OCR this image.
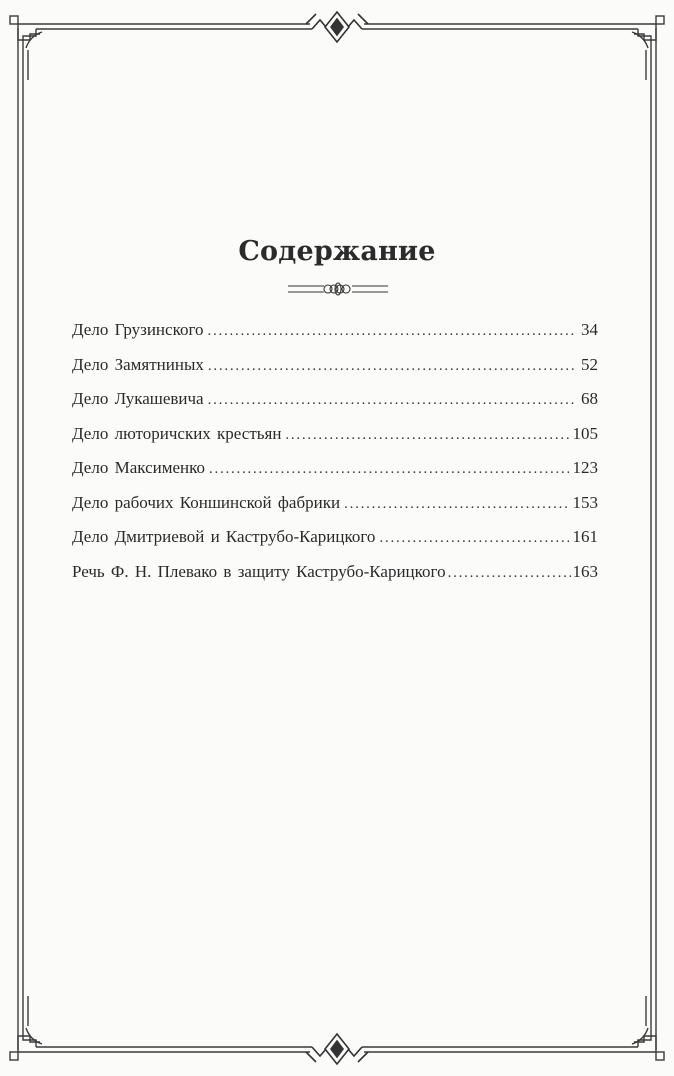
Содержание
Дело Грузинского . . .	34
Дело Замятниных . . .	52
Дело Лукашевича . . .	68
Дело люторичских крестьян . . .	105
Дело Максименко . . .	123
Дело рабочих Коншинской фабрики . . .	153
Дело Дмитриевой и Каструбо-Карицкого . . .	161
Речь Ф. Н. Плевако в защиту Каструбо-Карицкого . . .	163
